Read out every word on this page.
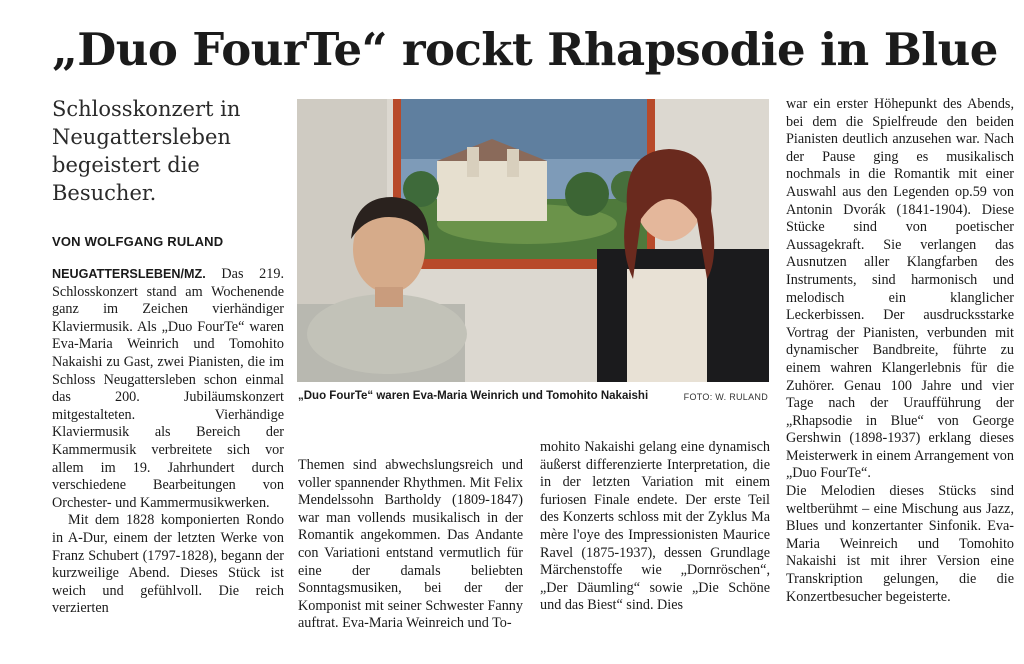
„Duo FourTe“ rockt Rhapsodie in Blue
Schlosskonzert in Neugattersleben begeistert die Besucher.
VON WOLFGANG RULAND

NEUGATTERSLEBEN/MZ. Das 219. Schlosskonzert stand am Wochenende ganz im Zeichen vierhändiger Klaviermusik. Als „Duo FourTe“ waren Eva-Maria Weinrich und Tomohito Nakaishi zu Gast, zwei Pianisten, die im Schloss Neugattersleben schon einmal das 200. Jubiläumskonzert mitgestalteten. Vierhändige Klaviermusik als Bereich der Kammermusik verbreitete sich vor allem im 19. Jahrhundert durch verschiedene Bearbeitungen von Orchester- und Kammermusikwerken.

Mit dem 1828 komponierten Rondo in A-Dur, einem der letzten Werke von Franz Schubert (1797-1828), begann der kurzweilige Abend. Dieses Stück ist weich und gefühlvoll. Die reich verzierten

„Duo FourTe“ waren Eva-Maria Weinrich und Tomohito Nakaishi	FOTO: W. RULAND

Themen sind abwechslungsreich und voller spannender Rhythmen. Mit Felix Mendelssohn Bartholdy (1809-1847) war man vollends musikalisch in der Romantik angekommen. Das Andante con Variationi entstand vermutlich für eine der damals beliebten Sonntagsmusiken, bei der der Komponist mit seiner Schwester Fanny auftrat. Eva-Maria Weinreich und To-

mohito Nakaishi gelang eine dynamisch äußerst differenzierte Interpretation, die in der letzten Variation mit einem furiosen Finale endete. Der erste Teil des Konzerts schloss mit der Zyklus Ma mère l'oye des Impressionisten Maurice Ravel (1875-1937), dessen Grundlage Märchenstoffe wie „Dornröschen“, „Der Däumling“ sowie „Die Schöne und das Biest“ sind. Dies

war ein erster Höhepunkt des Abends, bei dem die Spielfreude den beiden Pianisten deutlich anzusehen war. Nach der Pause ging es musikalisch nochmals in die Romantik mit einer Auswahl aus den Legenden op.59 von Antonin Dvorák (1841-1904). Diese Stücke sind von poetischer Aussagekraft. Sie verlangen das Ausnutzen aller Klangfarben des Instruments, sind harmonisch und melodisch ein klanglicher Leckerbissen. Der ausdrucksstarke Vortrag der Pianisten, verbunden mit dynamischer Bandbreite, führte zu einem wahren Klangerlebnis für die Zuhörer. Genau 100 Jahre und vier Tage nach der Uraufführung der „Rhapsodie in Blue“ von George Gershwin (1898-1937) erklang dieses Meisterwerk in einem Arrangement von „Duo FourTe“.

Die Melodien dieses Stücks sind weltberühmt – eine Mischung aus Jazz, Blues und konzertanter Sinfonik. Eva-Maria Weinreich und Tomohito Nakaishi ist mit ihrer Version eine Transkription gelungen, die die Konzertbesucher begeisterte.
